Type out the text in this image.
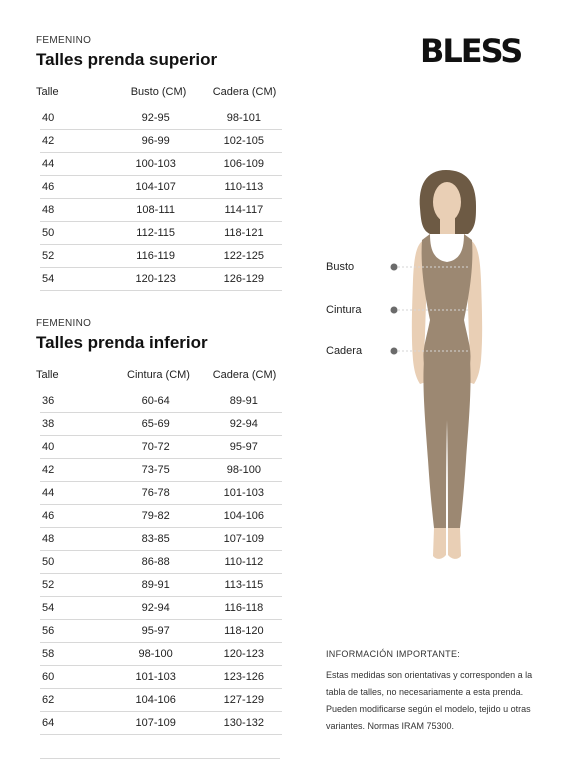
BLESS
FEMENINO
Talles prenda superior
Talle	Busto (CM)	Cadera (CM)
40	92-95	98-101
42	96-99	102-105
44	100-103	106-109
46	104-107	110-113
48	108-111	114-117
50	112-115	118-121
52	116-119	122-125
54	120-123	126-129
FEMENINO
Talles prenda inferior
Talle	Cintura (CM)	Cadera (CM)
36	60-64	89-91
38	65-69	92-94
40	70-72	95-97
42	73-75	98-100
44	76-78	101-103
46	79-82	104-106
48	83-85	107-109
50	86-88	110-112
52	89-91	113-115
54	92-94	116-118
56	95-97	118-120
58	98-100	120-123
60	101-103	123-126
62	104-106	127-129
64	107-109	130-132
Busto
Cintura
Cadera
INFORMACIÓN IMPORTANTE:
Estas medidas son orientativas y corresponden a la tabla de talles, no necesariamente a esta prenda. Pueden modificarse según el modelo, tejido u otras variantes. Normas IRAM 75300.
